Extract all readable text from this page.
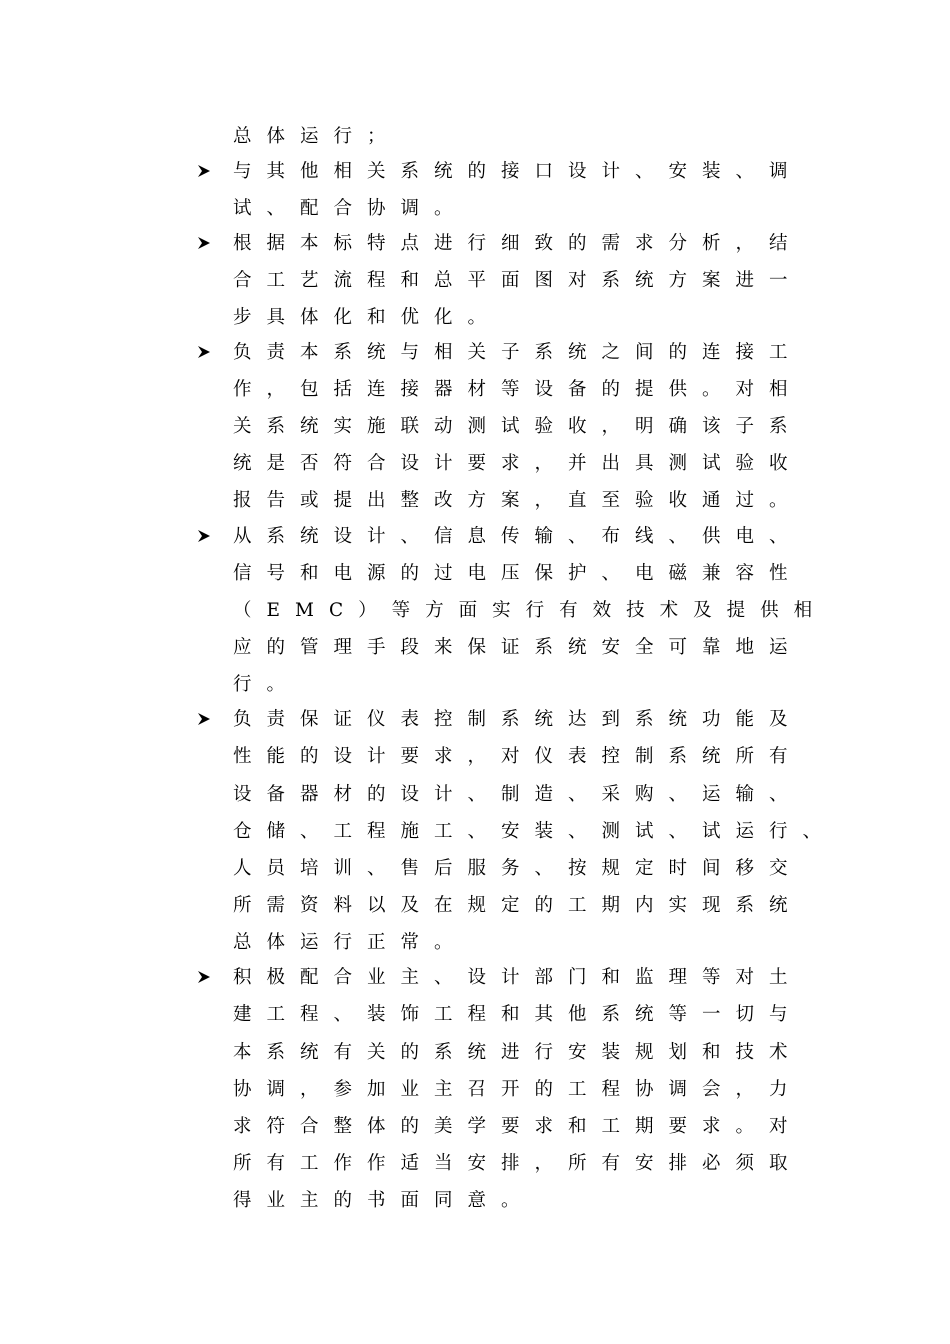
总体运行；
与其他相关系统的接口设计、安装、调
试、配合协调。
根据本标特点进行细致的需求分析，结
合工艺流程和总平面图对系统方案进一
步具体化和优化。
负责本系统与相关子系统之间的连接工
作，包括连接器材等设备的提供。对相
关系统实施联动测试验收，明确该子系
统是否符合设计要求，并出具测试验收
报告或提出整改方案，直至验收通过。
从系统设计、信息传输、布线、供电、
信号和电源的过电压保护、电磁兼容性
（EMC）等方面实行有效技术及提供相
应的管理手段来保证系统安全可靠地运
行。
负责保证仪表控制系统达到系统功能及
性能的设计要求，对仪表控制系统所有
设备器材的设计、制造、采购、运输、
仓储、工程施工、安装、测试、试运行、
人员培训、售后服务、按规定时间移交
所需资料以及在规定的工期内实现系统
总体运行正常。
积极配合业主、设计部门和监理等对土
建工程、装饰工程和其他系统等一切与
本系统有关的系统进行安装规划和技术
协调，参加业主召开的工程协调会，力
求符合整体的美学要求和工期要求。对
所有工作作适当安排，所有安排必须取
得业主的书面同意。
